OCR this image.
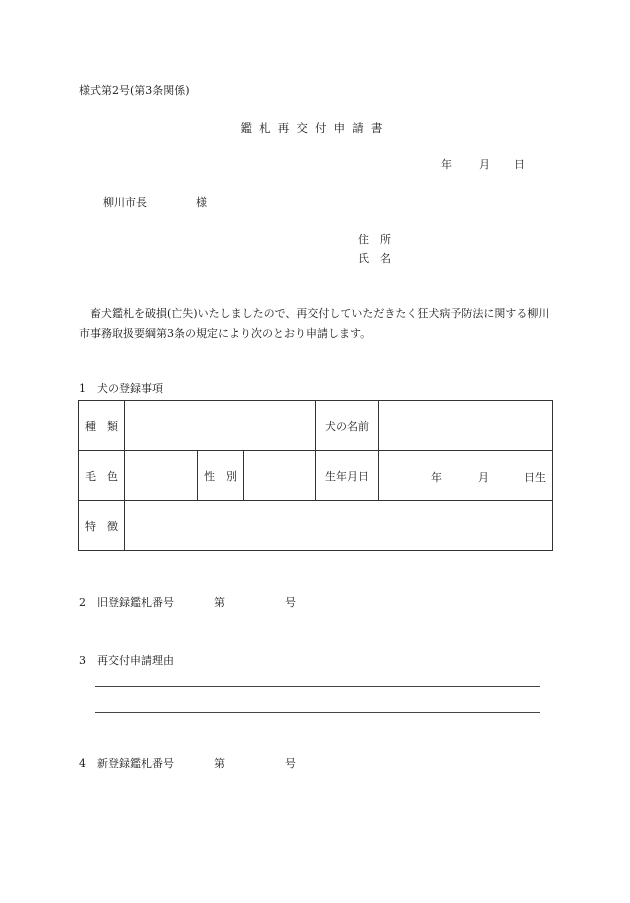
様式第2号(第3条関係)
鑑札再交付申請書
年 月 日
柳川市長	様
住　所
氏　名
畜犬鑑札を破損(亡失)いたしましたので、再交付していただきたく狂犬病予防法に関する柳川市事務取扱要綱第3条の規定により次のとおり申請します。
1　犬の登録事項
種　類				犬の名前	
毛　色		性　別		生年月日	年 月 日生

特　徴					
2　旧登録鑑札番号	第	号
3　再交付申請理由
4　新登録鑑札番号	第	号
